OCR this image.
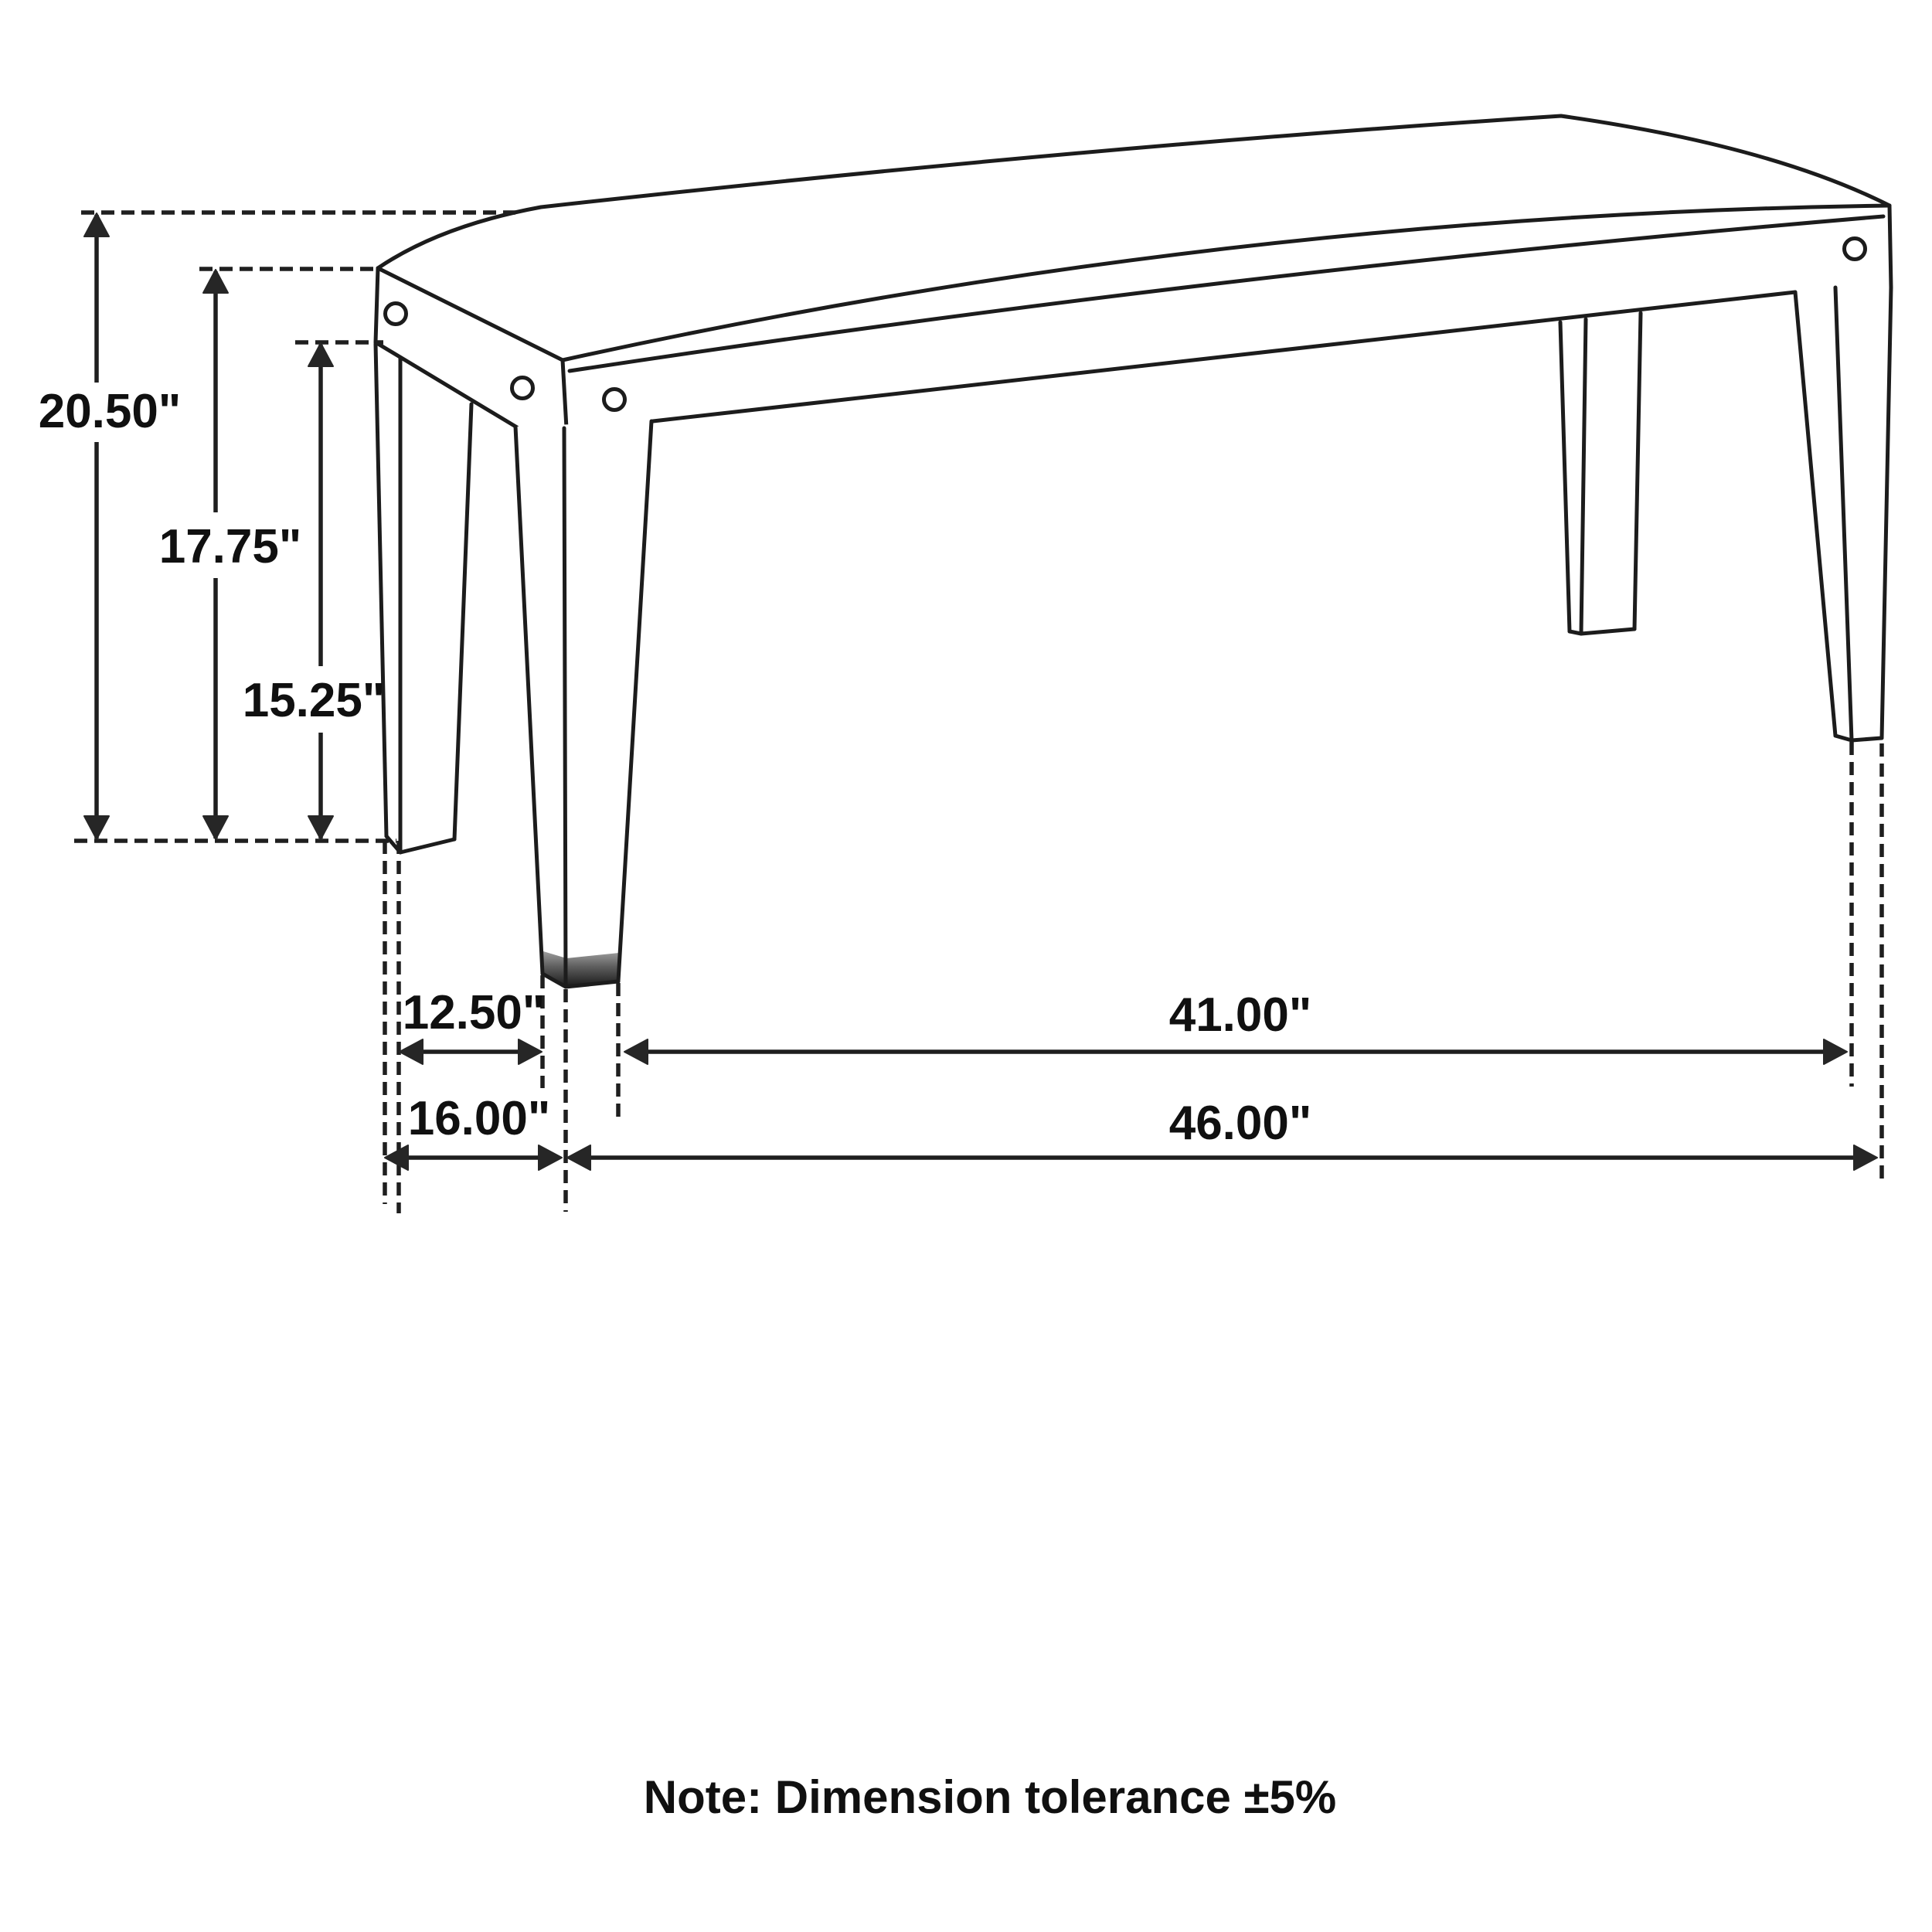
20.50"
17.75"
15.25"
12.50"	41.00"
16.00"	46.00"
Note: Dimension tolerance ±5%
